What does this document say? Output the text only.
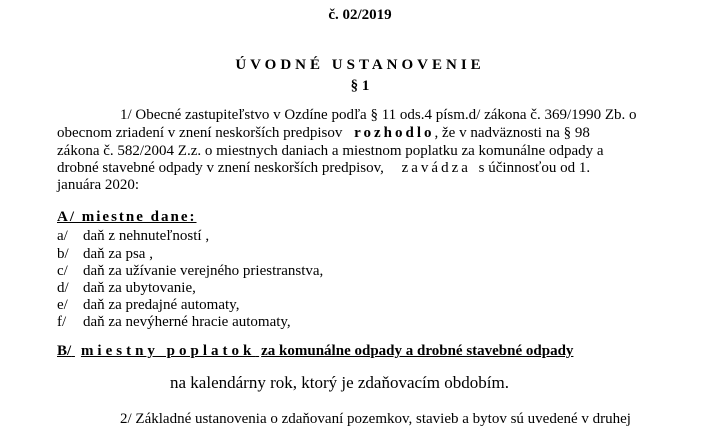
č. 02/2019
ÚVODNÉ USTANOVENIE
§ 1
1/ Obecné zastupiteľstvo v Ozdíne podľa § 11 ods.4 písm.d/ zákona č. 369/1990 Zb. o
obecnom zriadení v znení neskorších predpisov rozhodlo, že v nadväznosti na § 98
zákona č. 582/2004 Z.z. o miestnych daniach a miestnom poplatku za komunálne odpady a
drobné stavebné odpady v znení neskorších predpisov, zavádza s účinnosťou od 1.
januára 2020:
A/ miestne dane:
a/ daň z nehnuteľností ,
b/ daň za psa ,
c/ daň za užívanie verejného priestranstva,
d/ daň za ubytovanie,
e/ daň za predajné automaty,
f/ daň za nevýherné hracie automaty,
B/ miestny poplatok za komunálne odpady a drobné stavebné odpady
na kalendárny rok, ktorý je zdaňovacím obdobím.
2/ Základné ustanovenia o zdaňovaní pozemkov, stavieb a bytov sú uvedené v druhej
